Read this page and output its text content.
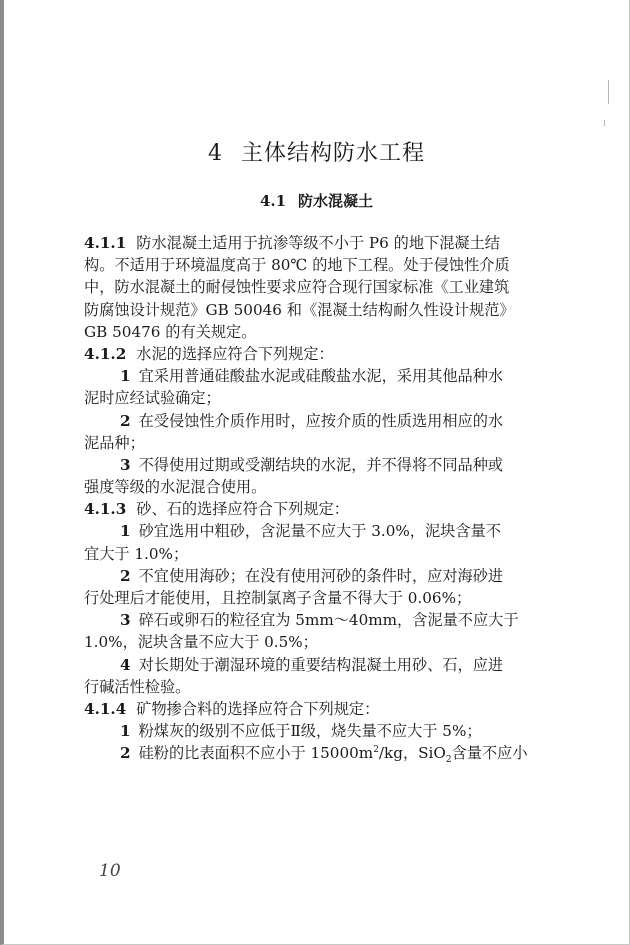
4 主体结构防水工程
4.1 防水混凝土
4.1.1 防水混凝土适用于抗渗等级不小于 P6 的地下混凝土结
构。不适用于环境温度高于 80℃ 的地下工程。处于侵蚀性介质
中，防水混凝土的耐侵蚀性要求应符合现行国家标准《工业建筑
防腐蚀设计规范》GB 50046 和《混凝土结构耐久性设计规范》
GB 50476 的有关规定。
4.1.2 水泥的选择应符合下列规定：
1 宜采用普通硅酸盐水泥或硅酸盐水泥，采用其他品种水
泥时应经试验确定；
2 在受侵蚀性介质作用时，应按介质的性质选用相应的水
泥品种；
3 不得使用过期或受潮结块的水泥，并不得将不同品种或
强度等级的水泥混合使用。
4.1.3 砂、石的选择应符合下列规定：
1 砂宜选用中粗砂，含泥量不应大于 3.0%，泥块含量不
宜大于 1.0%；
2 不宜使用海砂；在没有使用河砂的条件时，应对海砂进
行处理后才能使用，且控制氯离子含量不得大于 0.06%；
3 碎石或卵石的粒径宜为 5mm～40mm，含泥量不应大于
1.0%，泥块含量不应大于 0.5%；
4 对长期处于潮湿环境的重要结构混凝土用砂、石，应进
行碱活性检验。
4.1.4 矿物掺合料的选择应符合下列规定：
1 粉煤灰的级别不应低于Ⅱ级，烧失量不应大于 5%；
2 硅粉的比表面积不应小于 $15000m^2/kg$，SiO$_2$含量不应小
10
